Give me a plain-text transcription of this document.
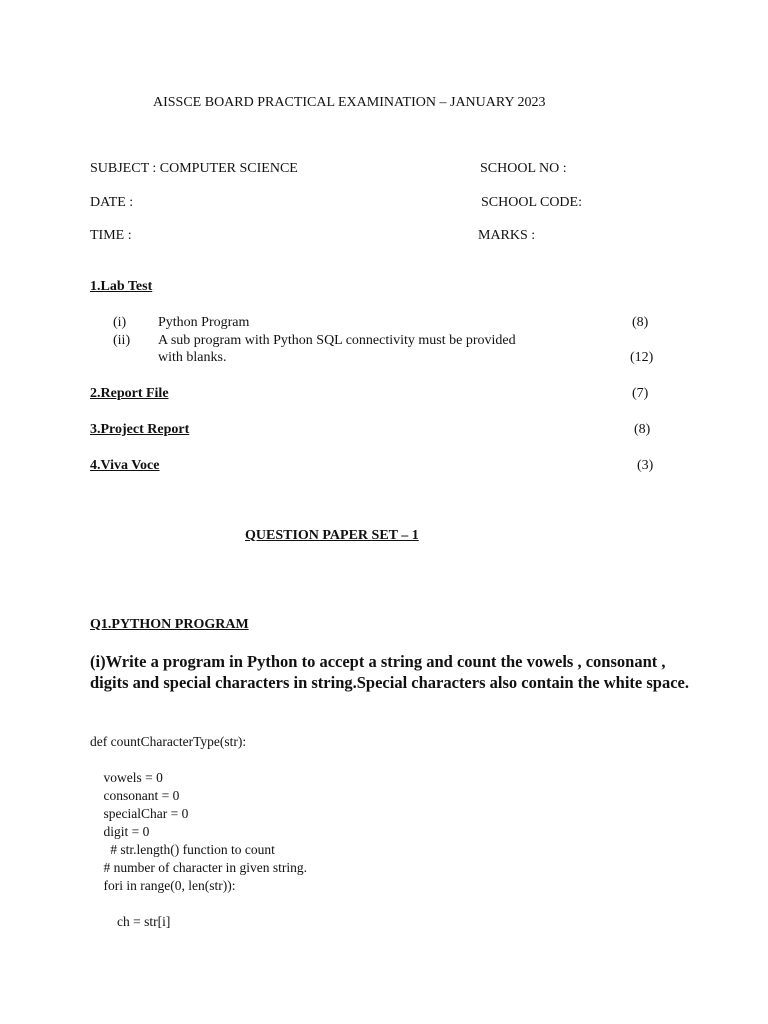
AISSCE BOARD PRACTICAL EXAMINATION – JANUARY 2023
SUBJECT : COMPUTER SCIENCE	SCHOOL NO :
DATE :	SCHOOL CODE:
TIME :	MARKS :
1.Lab Test
(i) Python Program	(8)
(ii) A sub program with Python SQL connectivity must be provided
with blanks.	(12)
2.Report File	(7)
3.Project Report	(8)
4.Viva Voce	(3)
QUESTION PAPER SET – 1
Q1.PYTHON PROGRAM
(i)Write a program in Python to accept a string and count the vowels , consonant , digits and special characters in string.Special characters also contain the white space.
def countCharacterType(str):
vowels = 0
consonant = 0
specialChar = 0
digit = 0
# str.length() function to count
# number of character in given string.
fori in range(0, len(str)):
ch = str[i]
